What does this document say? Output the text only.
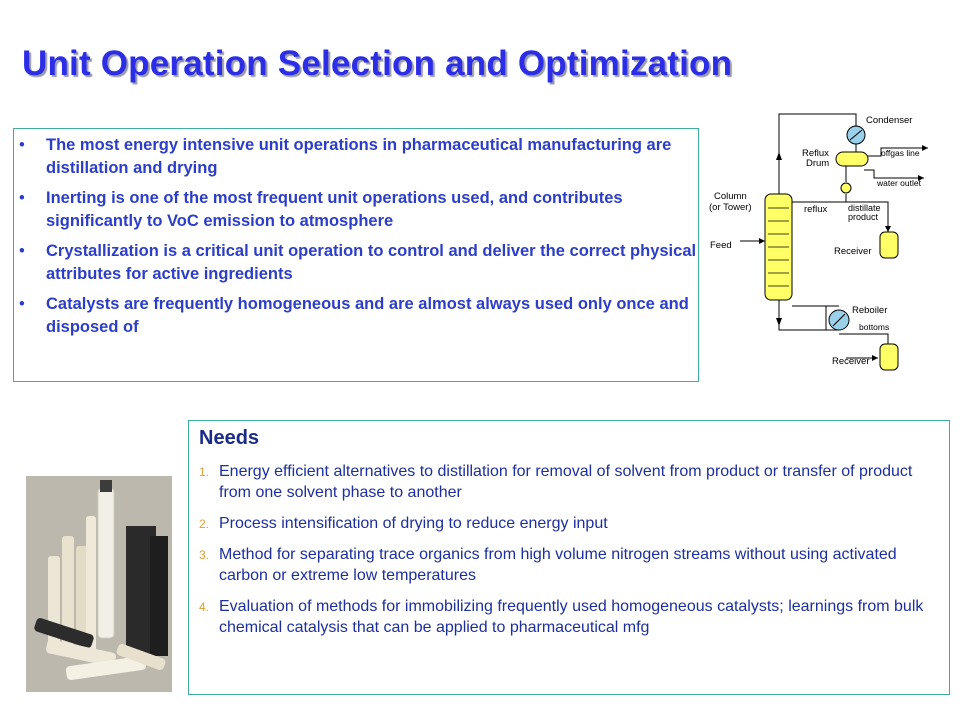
Unit Operation Selection and Optimization
• The most energy intensive unit operations in pharmaceutical manufacturing are distillation and drying
• Inerting is one of the most frequent unit operations used, and contributes significantly to VoC emission to atmosphere
• Crystallization is a critical unit operation to control and deliver the correct physical attributes for active ingredients
• Catalysts are frequently homogeneous and are almost always used only once and disposed of
Condenser
Reflux
Drum
offgas line
water outlet
Column
(or Tower)	reflux distillate
product
Feed
Receiver
Reboiler
bottoms
Receiver
Needs
1. Energy efficient alternatives to distillation for removal of solvent from product or transfer of product from one solvent phase to another
2. Process intensification of drying to reduce energy input
3. Method for separating trace organics from high volume nitrogen streams without using activated carbon or extreme low temperatures
4. Evaluation of methods for immobilizing frequently used homogeneous catalysts; learnings from bulk chemical catalysis that can be applied to pharmaceutical mfg
